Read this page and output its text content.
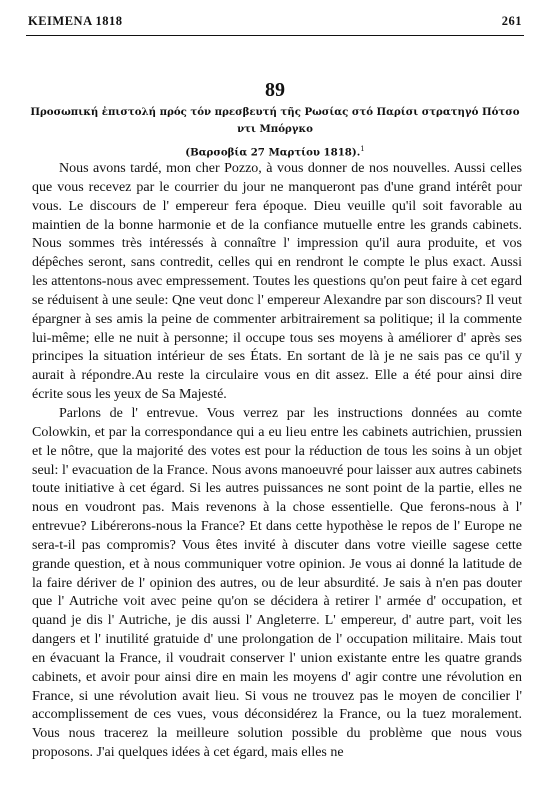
ΚΕΙΜΕΝΑ 1818	261
89
Προσωπική ἐπιστολή πρός τόν πρεσβευτή τῆς Ρωσίας στό Παρίσι στρατηγό Πότσο ντι Μπόργκο
(Βαρσοβία 27 Μαρτίου 1818).$^1$

Nous avons tardé, mon cher Pozzo, à vous donner de nos nouvelles. Aussi celles que vous recevez par le courrier du jour ne manqueront pas d'une grand intérêt pour vous. Le discours de l' empereur fera époque. Dieu veuille qu'il soit favorable au maintien de la bonne harmonie et de la confiance mutuelle entre les grands cabinets. Nous sommes très intéressés à connaître l' impression qu'il aura produite, et vos dépêches seront, sans contredit, celles qui en rendront le compte le plus exact. Aussi les attentons-nous avec empressement. Toutes les questions qu'on peut faire à cet egard se réduisent à une seule: Qne veut donc l' empereur Alexandre par son discours? Il veut épargner à ses amis la peine de commenter arbitrairement sa politique; il la commente lui-même; elle ne nuit à personne; il occupe tous ses moyens à améliorer d' après ses principes la situation intérieur de ses États. En sortant de là je ne sais pas ce qu'il y aurait à répondre.Au reste la circulaire vous en dit assez. Elle a été pour ainsi dire écrite sous les yeux de Sa Majesté.

Parlons de l' entrevue. Vous verrez par les instructions données au comte Colowkin, et par la correspondance qui a eu lieu entre les cabinets autrichien, prussien et le nôtre, que la majorité des votes est pour la réduction de tous les soins à un objet seul: l' evacuation de la France. Nous avons manoeuvré pour laisser aux autres cabinets toute initiative à cet égard. Si les autres puissances ne sont point de la partie, elles ne nous en voudront pas. Mais revenons à la chose essentielle. Que ferons-nous à l' entrevue? Libérerons-nous la France? Et dans cette hypothèse le repos de l' Europe ne sera-t-il pas compromis? Vous êtes invité à discuter dans votre vieille sagese cette grande question, et à nous communiquer votre opinion. Je vous ai donné la latitude de la faire dériver de l' opinion des autres, ou de leur absurdité. Je sais à n'en pas douter que l' Autriche voit avec peine qu'on se décidera à retirer l' armée d' occupation, et quand je dis l' Autriche, je dis aussi l' Angleterre. L' empereur, d' autre part, voit les dangers et l' inutilité gratuide d' une prolongation de l' occupation militaire. Mais tout en évacuant la France, il voudrait conserver l' union existante entre les quatre grands cabinets, et avoir pour ainsi dire en main les moyens d' agir contre une révolution en France, si une révolution avait lieu. Si vous ne trouvez pas le moyen de concilier l' accomplissement de ces vues, vous déconsidérez la France, ou la tuez moralement. Vous nous tracerez la meilleure solution possible du problème que nous vous proposons. J'ai quelques idées à cet égard, mais elles ne
